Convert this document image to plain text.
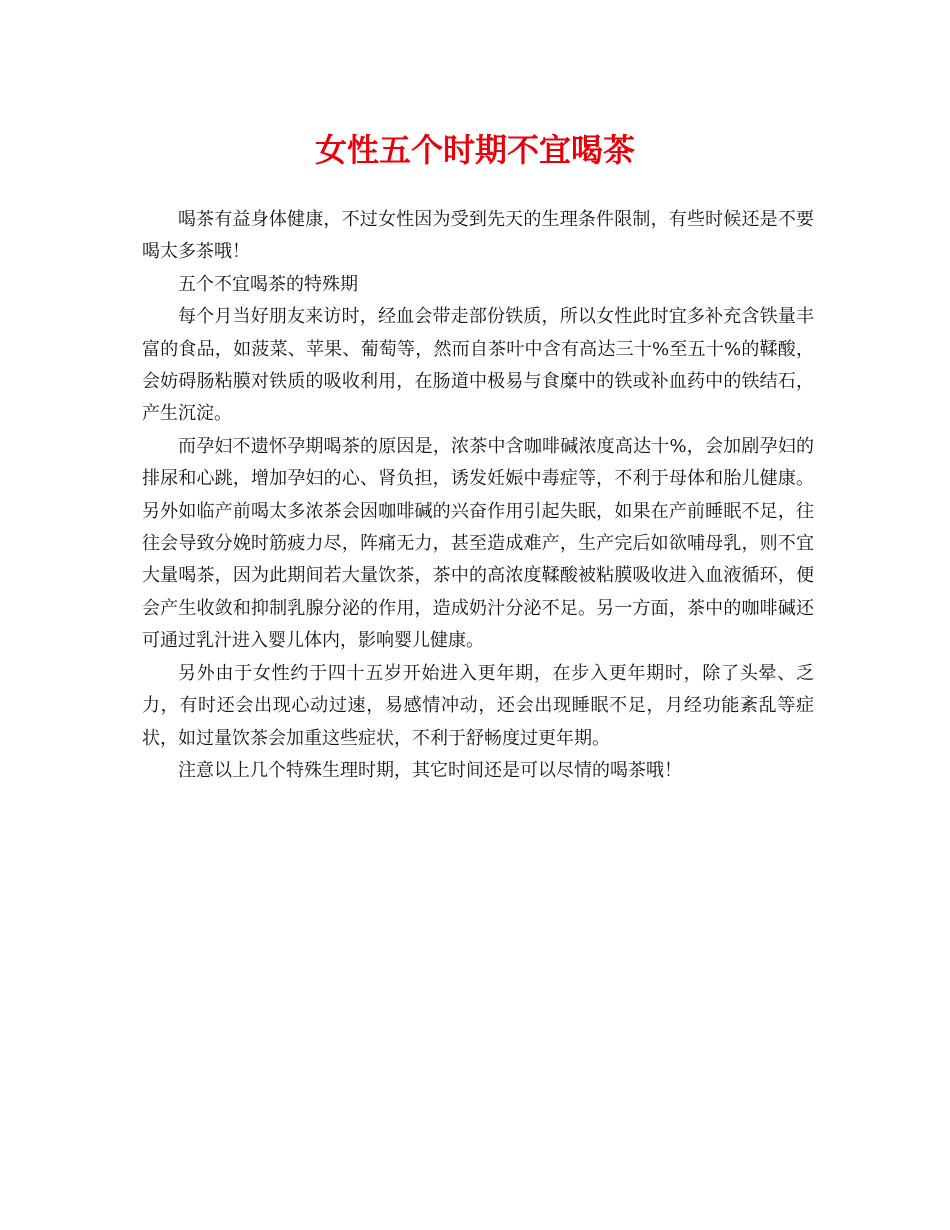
女性五个时期不宜喝茶

喝茶有益身体健康，不过女性因为受到先天的生理条件限制，有些时候还是不要喝太多茶哦！

五个不宜喝茶的特殊期

每个月当好朋友来访时，经血会带走部份铁质，所以女性此时宜多补充含铁量丰富的食品，如菠菜、苹果、葡萄等，然而自茶叶中含有高达三十%至五十%的鞣酸，会妨碍肠粘膜对铁质的吸收利用，在肠道中极易与食糜中的铁或补血药中的铁结石，产生沉淀。

而孕妇不遗怀孕期喝茶的原因是，浓茶中含咖啡碱浓度高达十%，会加剧孕妇的排尿和心跳，增加孕妇的心、肾负担，诱发妊娠中毒症等，不利于母体和胎儿健康。另外如临产前喝太多浓茶会因咖啡碱的兴奋作用引起失眠，如果在产前睡眠不足，往往会导致分娩时筋疲力尽，阵痛无力，甚至造成难产，生产完后如欲哺母乳，则不宜大量喝茶，因为此期间若大量饮茶，茶中的高浓度鞣酸被粘膜吸收进入血液循环，便会产生收敛和抑制乳腺分泌的作用，造成奶汁分泌不足。另一方面，茶中的咖啡碱还可通过乳汁进入婴儿体内，影响婴儿健康。

另外由于女性约于四十五岁开始进入更年期，在步入更年期时，除了头晕、乏力，有时还会出现心动过速，易感情冲动，还会出现睡眠不足，月经功能紊乱等症状，如过量饮茶会加重这些症状，不利于舒畅度过更年期。

注意以上几个特殊生理时期，其它时间还是可以尽情的喝茶哦！
